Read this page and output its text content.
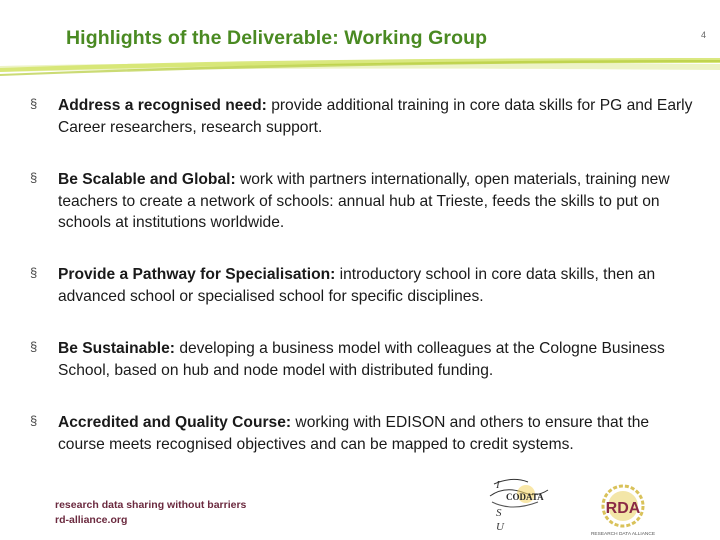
Highlights of the Deliverable: Working Group	4
§ Address a recognised need: provide additional training in core data skills for PG and Early Career researchers, research support.
§ Be Scalable and Global: work with partners internationally, open materials, training new teachers to create a network of schools: annual hub at Trieste, feeds the skills to put on schools at institutions worldwide.
§ Provide a Pathway for Specialisation: introductory school in core data skills, then an advanced school or specialised school for specific disciplines.
§ Be Sustainable: developing a business model with colleagues at the Cologne Business School, based on hub and node model with distributed funding.
§ Accredited and Quality Course: working with EDISON and others to ensure that the course meets recognised objectives and can be mapped to credit systems.
research data sharing without barriers
rd-alliance.org
I
S
U
CODATA
RDA
RESEARCH DATA ALLIANCE
